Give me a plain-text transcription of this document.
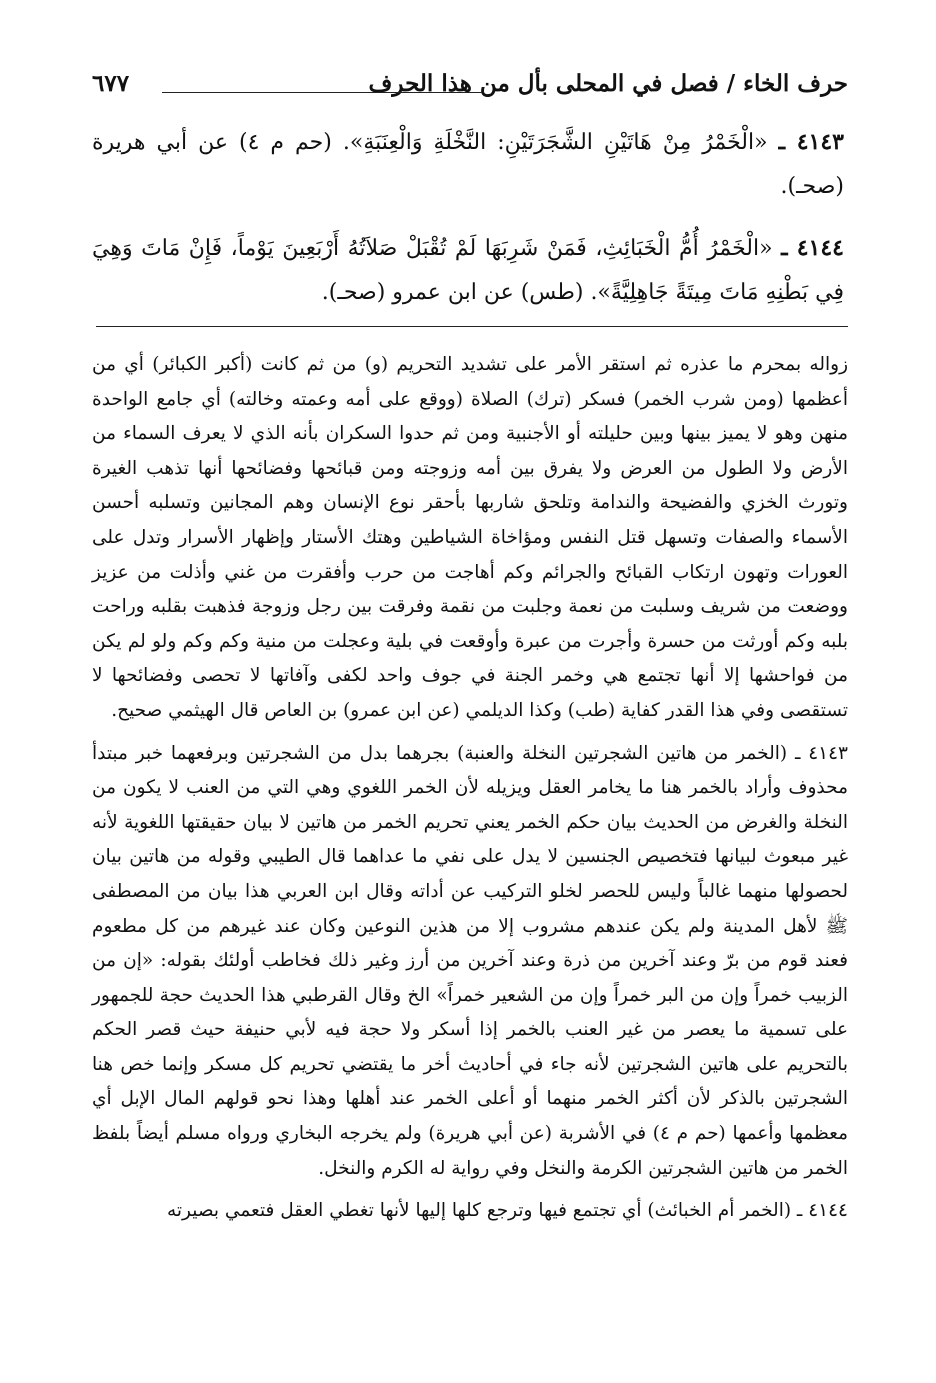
حرف الخاء / فصل في المحلى بأل من هذا الحرف
٦٧٧
٤١٤٣ ـ «الْخَمْرُ مِنْ هَاتَيْنِ الشَّجَرَتَيْنِ: النَّخْلَةِ وَالْعِنَبَةِ». (حم م ٤) عن أبي هريرة (صحـ).
٤١٤٤ ـ «الْخَمْرُ أُمُّ الْخَبَائِثِ، فَمَنْ شَرِبَهَا لَمْ تُقْبَلْ صَلاَتُهُ أَرْبَعِينَ يَوْماً، فَإِنْ مَاتَ وَهِيَ فِي بَطْنِهِ مَاتَ مِيتَةً جَاهِلِيَّةً». (طس) عن ابن عمرو (صحـ).

زواله بمحرم ما عذره ثم استقر الأمر على تشديد التحريم (و) من ثم كانت (أكبر الكبائر) أي من أعظمها (ومن شرب الخمر) فسكر (ترك) الصلاة (ووقع على أمه وعمته وخالته) أي جامع الواحدة منهن وهو لا يميز بينها وبين حليلته أو الأجنبية ومن ثم حدوا السكران بأنه الذي لا يعرف السماء من الأرض ولا الطول من العرض ولا يفرق بين أمه وزوجته ومن قبائحها وفضائحها أنها تذهب الغيرة وتورث الخزي والفضيحة والندامة وتلحق شاربها بأحقر نوع الإنسان وهم المجانين وتسلبه أحسن الأسماء والصفات وتسهل قتل النفس ومؤاخاة الشياطين وهتك الأستار وإظهار الأسرار وتدل على العورات وتهون ارتكاب القبائح والجرائم وكم أهاجت من حرب وأفقرت من غني وأذلت من عزيز ووضعت من شريف وسلبت من نعمة وجلبت من نقمة وفرقت بين رجل وزوجة فذهبت بقلبه وراحت بلبه وكم أورثت من حسرة وأجرت من عبرة وأوقعت في بلية وعجلت من منية وكم وكم ولو لم يكن من فواحشها إلا أنها تجتمع هي وخمر الجنة في جوف واحد لكفى وآفاتها لا تحصى وفضائحها لا تستقصى وفي هذا القدر كفاية (طب) وكذا الديلمي (عن ابن عمرو) بن العاص قال الهيثمي صحيح.

٤١٤٣ ـ (الخمر من هاتين الشجرتين النخلة والعنبة) بجرهما بدل من الشجرتين وبرفعهما خبر مبتدأ محذوف وأراد بالخمر هنا ما يخامر العقل ويزيله لأن الخمر اللغوي وهي التي من العنب لا يكون من النخلة والغرض من الحديث بيان حكم الخمر يعني تحريم الخمر من هاتين لا بيان حقيقتها اللغوية لأنه غير مبعوث لبيانها فتخصيص الجنسين لا يدل على نفي ما عداهما قال الطيبي وقوله من هاتين بيان لحصولها منهما غالباً وليس للحصر لخلو التركيب عن أداته وقال ابن العربي هذا بيان من المصطفى ﷺ لأهل المدينة ولم يكن عندهم مشروب إلا من هذين النوعين وكان عند غيرهم من كل مطعوم فعند قوم من برّ وعند آخرين من ذرة وعند آخرين من أرز وغير ذلك فخاطب أولئك بقوله: «إن من الزبيب خمراً وإن من البر خمراً وإن من الشعير خمراً» الخ وقال القرطبي هذا الحديث حجة للجمهور على تسمية ما يعصر من غير العنب بالخمر إذا أسكر ولا حجة فيه لأبي حنيفة حيث قصر الحكم بالتحريم على هاتين الشجرتين لأنه جاء في أحاديث أخر ما يقتضي تحريم كل مسكر وإنما خص هنا الشجرتين بالذكر لأن أكثر الخمر منهما أو أعلى الخمر عند أهلها وهذا نحو قولهم المال الإبل أي معظمها وأعمها (حم م ٤) في الأشربة (عن أبي هريرة) ولم يخرجه البخاري ورواه مسلم أيضاً بلفظ الخمر من هاتين الشجرتين الكرمة والنخل وفي رواية له الكرم والنخل.

٤١٤٤ ـ (الخمر أم الخبائث) أي تجتمع فيها وترجع كلها إليها لأنها تغطي العقل فتعمي بصيرته
